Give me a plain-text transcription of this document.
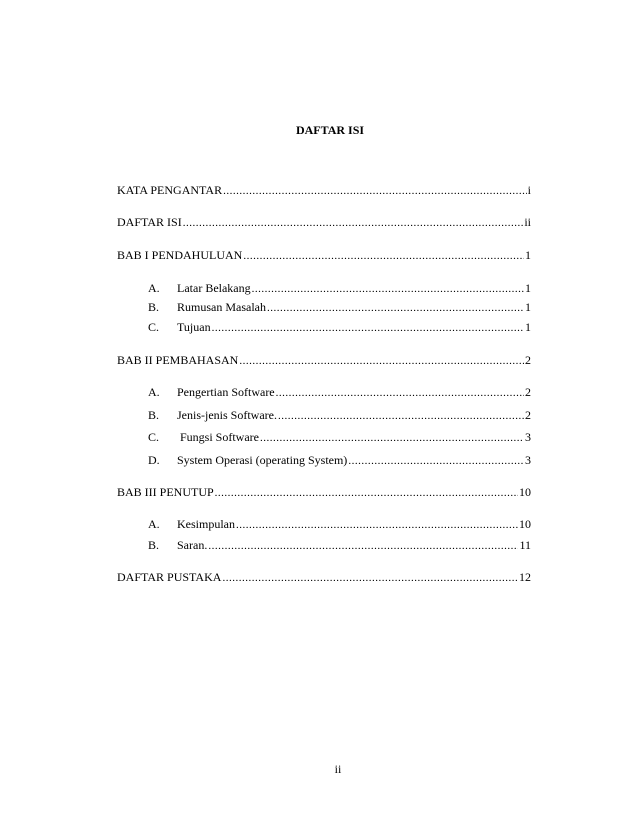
DAFTAR ISI
KATA PENGANTAR .....	i
DAFTAR ISI .....	ii
BAB I PENDAHULUAN .....	1
A.	Latar Belakang .....	1
B.	Rumusan Masalah .....	1
C.	Tujuan .....	1
BAB II PEMBAHASAN .....	2
A.	Pengertian Software .....	2
B.	Jenis-jenis Software. .....	2
C.	Fungsi Software .....	3
D.	System Operasi (operating System) .....	3
BAB III PENUTUP .....	10
A.	Kesimpulan .....	10
B.	Saran. .....	11
DAFTAR PUSTAKA .....	12
ii
